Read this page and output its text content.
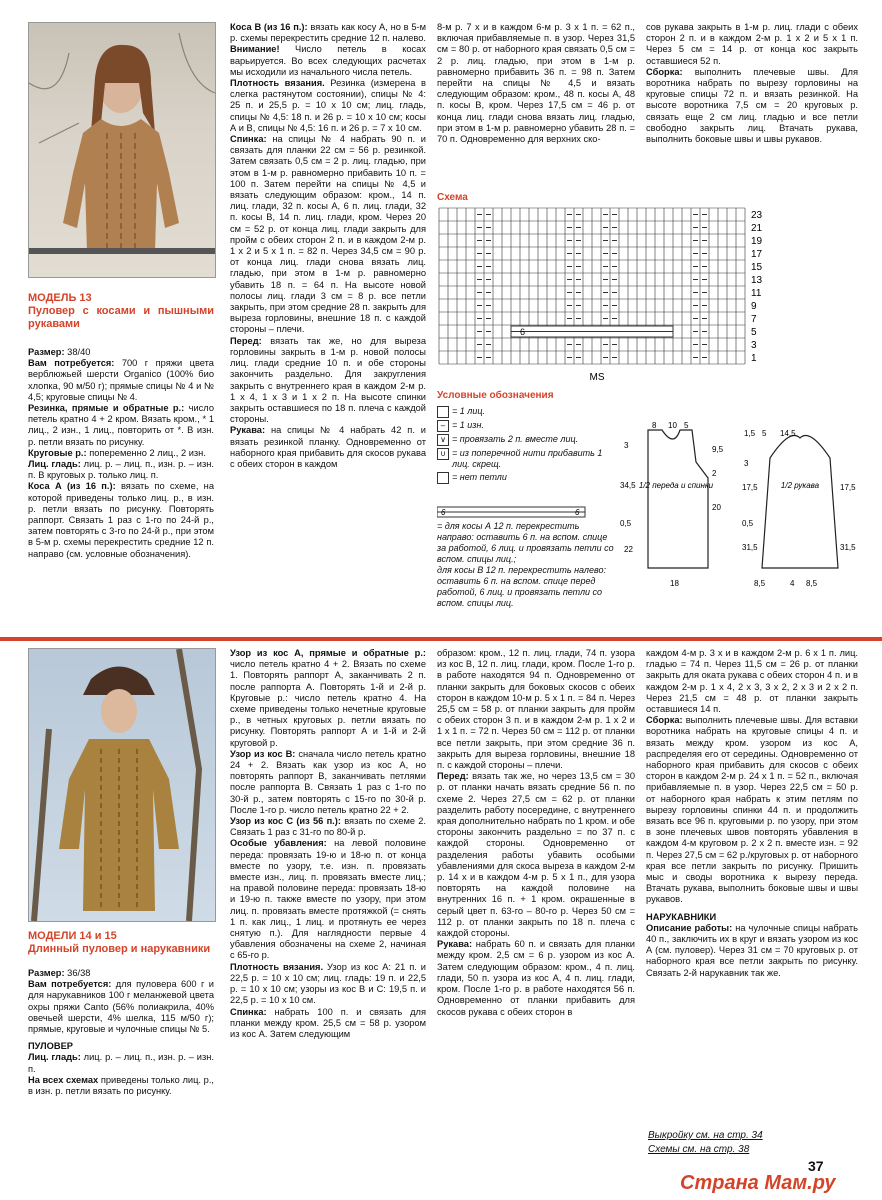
МОДЕЛЬ 13
Пуловер с косами и пышными рукавами

Размер: 38/40

Вам потребуется: 700 г пряжи цвета верблюжьей шерсти Organico (100% био хлопка, 90 м/50 г); прямые спицы № 4 и № 4,5; круговые спицы № 4.

Резинка, прямые и обратные р.: число петель кратно 4 + 2 кром. Вязать кром., * 1 лиц., 2 изн., 1 лиц., повторить от *. В изн. р. петли вязать по рисунку.

Круговые р.: попеременно 2 лиц., 2 изн.

Лиц. гладь: лиц. р. – лиц. п., изн. р. – изн. п. В круговых р. только лиц. п.

Коса А (из 16 п.): вязать по схеме, на которой приведены только лиц. р., в изн. р. петли вязать по рисунку. Повторять раппорт. Связать 1 раз с 1-го по 24-й р., затем повторять с 3-го по 24-й р., при этом в 5-м р. схемы перекрестить средние 12 п. направо (см. условные обозначения).

Коса В (из 16 п.): вязать как косу А, но в 5-м р. схемы перекрестить средние 12 п. налево.

Внимание! Число петель в косах варьируется. Во всех следующих расчетах мы исходили из начального числа петель.

Плотность вязания. Резинка (измерена в слегка растянутом состоянии), спицы № 4: 25 п. и 25,5 р. = 10 x 10 см; лиц. гладь, спицы № 4,5: 18 п. и 26 р. = 10 x 10 см; косы А и В, спицы № 4,5: 16 п. и 26 р. = 7 x 10 см.

Спинка: на спицы № 4 набрать 90 п. и связать для планки 22 см = 56 р. резинкой. Затем связать 0,5 см = 2 р. лиц. гладью, при этом в 1-м р. равномерно прибавить 10 п. = 100 п. Затем перейти на спицы № 4,5 и вязать следующим образом: кром., 14 п. лиц. глади, 32 п. косы А, 6 п. лиц. глади, 32 п. косы В, 14 п. лиц. глади, кром. Через 20 см = 52 р. от конца лиц. глади закрыть для пройм с обеих сторон 2 п. и в каждом 2-м р. 1 x 2 и 5 x 1 п. = 82 п. Через 34,5 см = 90 р. от конца лиц. глади снова вязать лиц. гладью, при этом в 1-м р. равномерно убавить 18 п. = 64 п. На высоте новой полосы лиц. глади 3 см = 8 р. все петли закрыть, при этом средние 28 п. закрыть для выреза горловины, внешние 18 п. с каждой стороны – плечи.

Перед: вязать так же, но для выреза горловины закрыть в 1-м р. новой полосы лиц. глади средние 10 п. и обе стороны закончить раздельно. Для закругления закрыть с внутреннего края в каждом 2-м р. 1 x 4, 1 x 3 и 1 x 2 п. На высоте спинки закрыть оставшиеся по 18 п. плеча с каждой стороны.

Рукава: на спицы № 4 набрать 42 п. и вязать резинкой планку. Одновременно от наборного края прибавить для скосов рукава с обеих сторон в каждом

8-м р. 7 x и в каждом 6-м р. 3 x 1 п. = 62 п., включая прибавляемые п. в узор. Через 31,5 см = 80 р. от наборного края связать 0,5 см = 2 р. лиц. гладью, при этом в 1-м р. равномерно прибавить 36 п. = 98 п. Затем перейти на спицы № 4,5 и вязать следующим образом: кром., 48 п. косы А, 48 п. косы В, кром. Через 17,5 см = 46 р. от конца лиц. глади снова вязать лиц. гладью, при этом в 1-м р. равномерно убавить 28 п. = 70 п. Одновременно для верхних ско-

сов рукава закрыть в 1-м р. лиц. глади с обеих сторон 2 п. и в каждом 2-м р. 1 x 2 и 5 x 1 п. Через 5 см = 14 р. от конца кос закрыть оставшиеся 52 п.

Сборка: выполнить плечевые швы. Для воротника набрать по вырезу горловины на круговые спицы 72 п. и вязать резинкой. На высоте воротника 7,5 см = 20 круговых р. связать еще 2 см лиц. гладью и все петли свободно закрыть лиц. Втачать рукава, выполнить боковые швы и швы рукавов.

Схема
6
23
21
19
17
15
13
11
9
7
5
3
1
MS
Условные обозначения
= 1 лиц.
– = 1 изн.
∨ = провязать 2 п. вместе лиц.
∪ = из поперечной нити прибавить 1 лиц. скрещ.
= нет петли
6	6
= для косы А 12 п. перекрестить направо: оставить 6 п. на вспом. спице за работой, 6 лиц. и провязать петли со вспом. спицы лиц.;
для косы В 12 п. перекрестить налево: оставить 6 п. на вспом. спице перед работой, 6 лиц. и провязать петли со вспом. спицы лиц.
1/2 переда и спинки
8 10 5
3	9,5
34,5
2
20
0,5
22
18
1/2 рукава
1,5 5 14,5
3
17,5	17,5
0,5
31,5	31,5
8,5	4 8,5
МОДЕЛИ 14 и 15
Длинный пуловер и нарукавники

Размер: 36/38

Вам потребуется: для пуловера 600 г и для нарукавников 100 г меланжевой цвета охры пряжи Canto (56% полиакрила, 40% овечьей шерсти, 4% шелка, 115 м/50 г); прямые, круговые и чулочные спицы № 5.

ПУЛОВЕР

Лиц. гладь: лиц. р. – лиц. п., изн. р. – изн. п.

На всех схемах приведены только лиц. р., в изн. р. петли вязать по рисунку.

Узор из кос А, прямые и обратные р.: число петель кратно 4 + 2. Вязать по схеме 1. Повторять раппорт А, заканчивать 2 п. после раппорта А. Повторять 1-й и 2-й р. Круговые р.: число петель кратно 4. На схеме приведены только нечетные круговые р., в четных круговых р. петли вязать по рисунку. Повторять раппорт А и 1-й и 2-й круговой р.

Узор из кос В: сначала число петель кратно 24 + 2. Вязать как узор из кос А, но повторять раппорт В, заканчивать петлями после раппорта В. Связать 1 раз с 1-го по 30-й р., затем повторять с 15-го по 30-й р. После 1-го р. число петель кратно 22 + 2.

Узор из кос С (из 56 п.): вязать по схеме 2. Связать 1 раз с 31-го по 80-й р.

Особые убавления: на левой половине переда: провязать 19-ю и 18-ю п. от конца вместе по узору, т.е. изн. п. провязать вместе изн., лиц. п. провязать вместе лиц.; на правой половине переда: провязать 18-ю и 19-ю п. также вместе по узору, при этом лиц. п. провязать вместе протяжкой (= снять 1 п. как лиц., 1 лиц. и протянуть ее через снятую п.). Для наглядности первые 4 убавления обозначены на схеме 2, начиная с 65-го р.

Плотность вязания. Узор из кос А: 21 п. и 22,5 р. = 10 x 10 см; лиц. гладь: 19 п. и 22,5 р. = 10 x 10 см; узоры из кос В и С: 19,5 п. и 22,5 р. = 10 x 10 см.

Спинка: набрать 100 п. и связать для планки между кром. 25,5 см = 58 р. узором из кос А. Затем следующим

образом: кром., 12 п. лиц. глади, 74 п. узора из кос В, 12 п. лиц. глади, кром. После 1-го р. в работе находятся 94 п. Одновременно от планки закрыть для боковых скосов с обеих сторон в каждом 10-м р. 5 x 1 п. = 84 п. Через 25,5 см = 58 р. от планки закрыть для пройм с обеих сторон 3 п. и в каждом 2-м р. 1 x 2 и 1 x 1 п. = 72 п. Через 50 см = 112 р. от планки все петли закрыть, при этом средние 36 п. закрыть для выреза горловины, внешние 18 п. с каждой стороны – плечи.

Перед: вязать так же, но через 13,5 см = 30 р. от планки начать вязать средние 56 п. по схеме 2. Через 27,5 см = 62 р. от планки разделить работу посередине, с внутреннего края дополнительно набрать по 1 кром. и обе стороны закончить раздельно = по 37 п. с каждой стороны. Одновременно от разделения работы убавить особыми убавлениями для скоса выреза в каждом 2-м р. 14 x и в каждом 4-м р. 5 x 1 п., для узора повторять на каждой половине на внутренних 16 п. + 1 кром. окрашенные в серый цвет п. 63-го – 80-го р. Через 50 см = 112 р. от планки закрыть по 18 п. плеча с каждой стороны.

Рукава: набрать 60 п. и связать для планки между кром. 2,5 см = 6 р. узором из кос А. Затем следующим образом: кром., 4 п. лиц. глади, 50 п. узора из кос А, 4 п. лиц. глади, кром. После 1-го р. в работе находятся 56 п. Одновременно от планки прибавить для скосов рукава с обеих сторон в

каждом 4-м р. 3 x и в каждом 2-м р. 6 x 1 п. лиц. гладью = 74 п. Через 11,5 см = 26 р. от планки закрыть для оката рукава с обеих сторон 4 п. и в каждом 2-м р. 1 x 4, 2 x 3, 3 x 2, 2 x 3 и 2 x 2 п. Через 21,5 см = 48 р. от планки закрыть оставшиеся 14 п.

Сборка: выполнить плечевые швы. Для вставки воротника набрать на круговые спицы 4 п. и вязать между кром. узором из кос А, распределяя его от середины. Одновременно от наборного края прибавить для скосов с обеих сторон в каждом 2-м р. 24 x 1 п. = 52 п., включая прибавляемые п. в узор. Через 22,5 см = 50 р. от наборного края набрать к этим петлям по вырезу горловины спинки 44 п. и продолжить вязать все 96 п. круговыми р. по узору, при этом в зоне плечевых швов повторять убавления в каждом 4-м круговом р. 2 x 2 п. вместе изн. = 92 п. Через 27,5 см = 62 р./круговых р. от наборного края все петли закрыть по рисунку. Пришить мыс и своды воротника к вырезу переда. Втачать рукава, выполнить боковые швы и швы рукавов.

НАРУКАВНИКИ

Описание работы: на чулочные спицы набрать 40 п., заключить их в круг и вязать узором из кос А (см. пуловер). Через 31 см = 70 круговых р. от наборного края все петли закрыть по рисунку. Связать 2-й нарукавник так же.

Выкройку см. на стр. 34
Схемы см. на стр. 38
37
Страна Мам.ру
